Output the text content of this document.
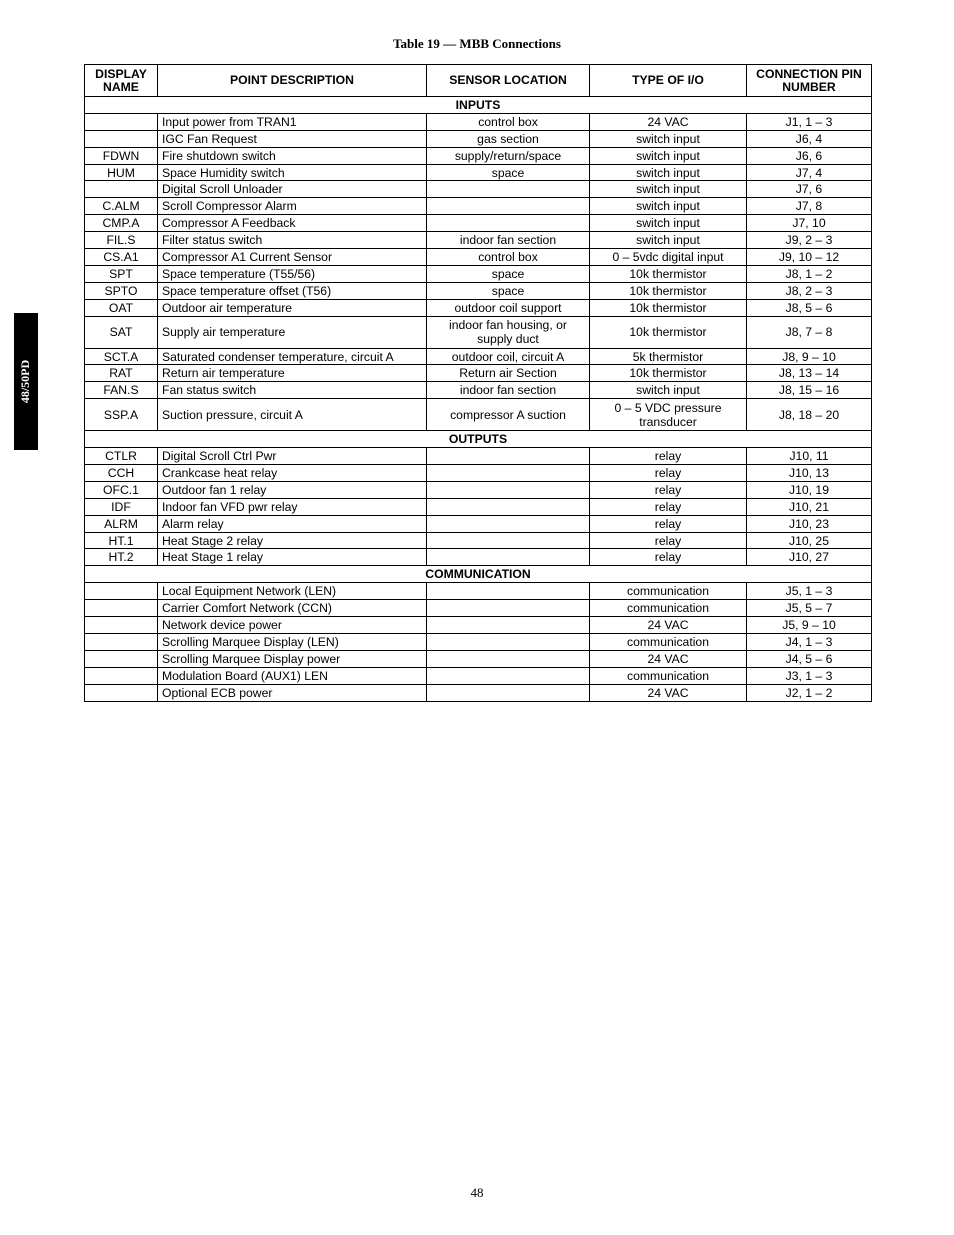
Table 19 — MBB Connections
48/50PD
DISPLAY NAME	POINT DESCRIPTION	SENSOR LOCATION	TYPE OF I/O	CONNECTION PIN NUMBER
INPUTS				
	Input power from TRAN1	control box	24 VAC	J1, 1 – 3
	IGC Fan Request	gas section	switch input	J6, 4
FDWN	Fire shutdown switch	supply/return/space	switch input	J6, 6
HUM	Space Humidity switch	space	switch input	J7, 4
	Digital Scroll Unloader		switch input	J7, 6
C.ALM	Scroll Compressor Alarm		switch input	J7, 8
CMP.A	Compressor A Feedback		switch input	J7, 10
FIL.S	Filter status switch	indoor fan section	switch input	J9, 2 – 3
CS.A1	Compressor A1 Current Sensor	control box	0 – 5vdc digital input	J9, 10 – 12
SPT	Space temperature (T55/56)	space	10k thermistor	J8, 1 – 2
SPTO	Space temperature offset (T56)	space	10k thermistor	J8, 2 – 3
OAT	Outdoor air temperature	outdoor coil support	10k thermistor	J8, 5 – 6
SAT	Supply air temperature	indoor fan housing, or supply duct	10k thermistor	J8, 7 – 8
SCT.A	Saturated condenser temperature, circuit A	outdoor coil, circuit A	5k thermistor	J8, 9 – 10
RAT	Return air temperature	Return air Section	10k thermistor	J8, 13 – 14
FAN.S	Fan status switch	indoor fan section	switch input	J8, 15 – 16
SSP.A	Suction pressure, circuit A	compressor A suction	0 – 5 VDC pressure transducer	J8, 18 – 20
OUTPUTS				
CTLR	Digital Scroll Ctrl Pwr		relay	J10, 11
CCH	Crankcase heat relay		relay	J10, 13
OFC.1	Outdoor fan 1 relay		relay	J10, 19
IDF	Indoor fan VFD pwr relay		relay	J10, 21
ALRM	Alarm relay		relay	J10, 23
HT.1	Heat Stage 2 relay		relay	J10, 25
HT.2	Heat Stage 1 relay		relay	J10, 27
COMMUNICATION				
	Local Equipment Network (LEN)		communication	J5, 1 – 3
	Carrier Comfort Network (CCN)		communication	J5, 5 – 7
	Network device power		24 VAC	J5, 9 – 10
	Scrolling Marquee Display (LEN)		communication	J4, 1 – 3
	Scrolling Marquee Display power		24 VAC	J4, 5 – 6
	Modulation Board (AUX1) LEN		communication	J3, 1 – 3
	Optional ECB power		24 VAC	J2, 1 – 2
48
